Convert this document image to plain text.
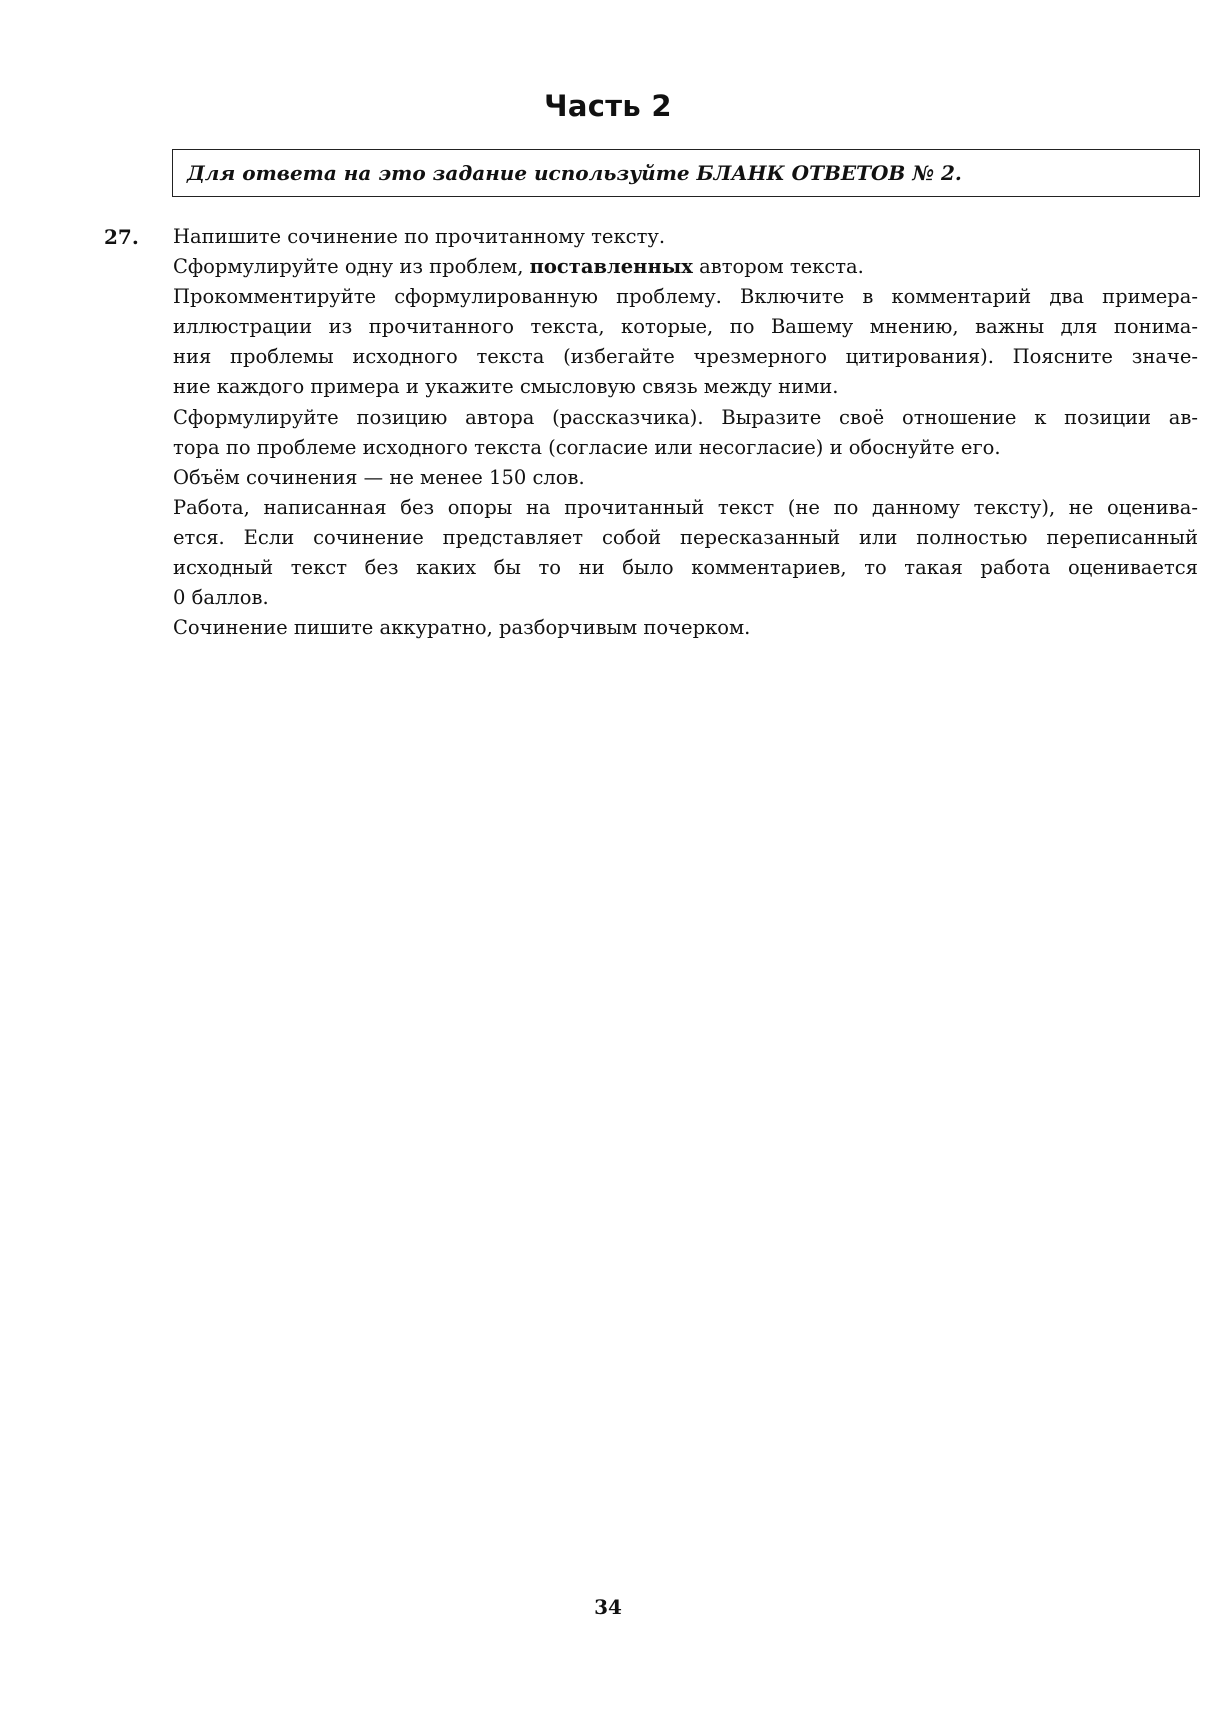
Часть 2
Для ответа на это задание используйте БЛАНК ОТВЕТОВ № 2.
27. Напишите сочинение по прочитанному тексту.
Сформулируйте одну из проблем, поставленных автором текста.
Прокомментируйте сформулированную проблему. Включите в комментарий два примера-
иллюстрации из прочитанного текста, которые, по Вашему мнению, важны для понима-
ния проблемы исходного текста (избегайте чрезмерного цитирования). Поясните значе-
ние каждого примера и укажите смысловую связь между ними.
Сформулируйте позицию автора (рассказчика). Выразите своё отношение к позиции ав-
тора по проблеме исходного текста (согласие или несогласие) и обоснуйте его.
Объём сочинения — не менее 150 слов.
Работа, написанная без опоры на прочитанный текст (не по данному тексту), не оценива-
ется. Если сочинение представляет собой пересказанный или полностью переписанный
исходный текст без каких бы то ни было комментариев, то такая работа оценивается
0 баллов.
Сочинение пишите аккуратно, разборчивым почерком.
34
